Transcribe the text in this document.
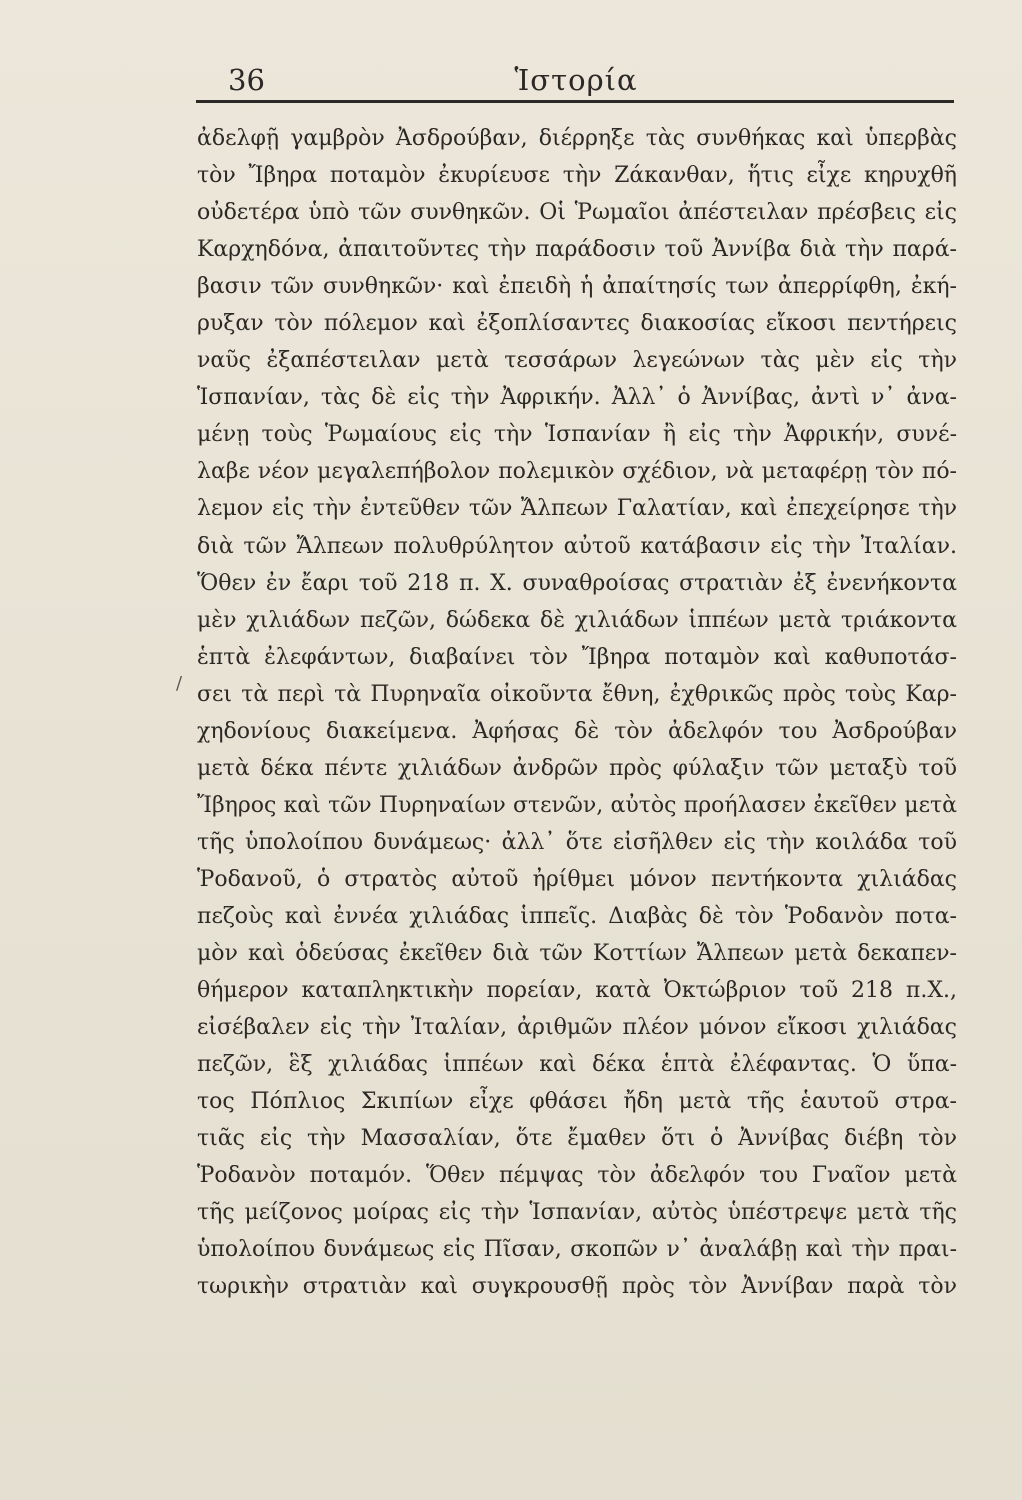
36	Ἱστορία
/
ἀδελφῇ γαμβρὸν Ἀσδρούβαν, διέρρηξε τὰς συνθήκας καὶ ὑπερβὰς
τὸν Ἴβηρα ποταμὸν ἐκυρίευσε τὴν Ζάκανθαν, ἥτις εἶχε κηρυχθῆ
οὐδετέρα ὑπὸ τῶν συνθηκῶν. Οἱ Ῥωμαῖοι ἀπέστειλαν πρέσβεις εἰς
Καρχηδόνα, ἀπαιτοῦντες τὴν παράδοσιν τοῦ Ἀννίβα διὰ τὴν παρά-
βασιν τῶν συνθηκῶν· καὶ ἐπειδὴ ἡ ἀπαίτησίς των ἀπερρίφθη, ἐκή-
ρυξαν τὸν πόλεμον καὶ ἐξοπλίσαντες διακοσίας εἴκοσι πεντήρεις
ναῦς ἐξαπέστειλαν μετὰ τεσσάρων λεγεώνων τὰς μὲν εἰς τὴν
Ἱσπανίαν, τὰς δὲ εἰς τὴν Ἀφρικήν. Ἀλλ᾽ ὁ Ἀννίβας, ἀντὶ ν᾽ ἀνα-
μένῃ τοὺς Ῥωμαίους εἰς τὴν Ἱσπανίαν ἢ εἰς τὴν Ἀφρικήν, συνέ-
λαβε νέον μεγαλεπήβολον πολεμικὸν σχέδιον, νὰ μεταφέρῃ τὸν πό-
λεμον εἰς τὴν ἐντεῦθεν τῶν Ἄλπεων Γαλατίαν, καὶ ἐπεχείρησε τὴν
διὰ τῶν Ἄλπεων πολυθρύλητον αὐτοῦ κατάβασιν εἰς τὴν Ἰταλίαν.
Ὅθεν ἐν ἔαρι τοῦ 218 π. Χ. συναθροίσας στρατιὰν ἐξ ἐνενήκοντα
μὲν χιλιάδων πεζῶν, δώδεκα δὲ χιλιάδων ἱππέων μετὰ τριάκοντα
ἑπτὰ ἐλεφάντων, διαβαίνει τὸν Ἴβηρα ποταμὸν καὶ καθυποτάσ-
σει τὰ περὶ τὰ Πυρηναῖα οἰκοῦντα ἔθνη, ἐχθρικῶς πρὸς τοὺς Καρ-
χηδονίους διακείμενα. Ἀφήσας δὲ τὸν ἀδελφόν του Ἀσδρούβαν
μετὰ δέκα πέντε χιλιάδων ἀνδρῶν πρὸς φύλαξιν τῶν μεταξὺ τοῦ
Ἴβηρος καὶ τῶν Πυρηναίων στενῶν, αὐτὸς προήλασεν ἐκεῖθεν μετὰ
τῆς ὑπολοίπου δυνάμεως· ἀλλ᾽ ὅτε εἰσῆλθεν εἰς τὴν κοιλάδα τοῦ
Ῥοδανοῦ, ὁ στρατὸς αὐτοῦ ἠρίθμει μόνον πεντήκοντα χιλιάδας
πεζοὺς καὶ ἐννέα χιλιάδας ἱππεῖς. Διαβὰς δὲ τὸν Ῥοδανὸν ποτα-
μὸν καὶ ὁδεύσας ἐκεῖθεν διὰ τῶν Κοττίων Ἄλπεων μετὰ δεκαπεν-
θήμερον καταπληκτικὴν πορείαν, κατὰ Ὀκτώβριον τοῦ 218 π.Χ.,
εἰσέβαλεν εἰς τὴν Ἰταλίαν, ἀριθμῶν πλέον μόνον εἴκοσι χιλιάδας
πεζῶν, ἓξ χιλιάδας ἱππέων καὶ δέκα ἑπτὰ ἐλέφαντας. Ὁ ὕπα-
τος Πόπλιος Σκιπίων εἶχε φθάσει ἤδη μετὰ τῆς ἑαυτοῦ στρα-
τιᾶς εἰς τὴν Μασσαλίαν, ὅτε ἔμαθεν ὅτι ὁ Ἀννίβας διέβη τὸν
Ῥοδανὸν ποταμόν. Ὅθεν πέμψας τὸν ἀδελφόν του Γναῖον μετὰ
τῆς μείζονος μοίρας εἰς τὴν Ἱσπανίαν, αὐτὸς ὑπέστρεψε μετὰ τῆς
ὑπολοίπου δυνάμεως εἰς Πῖσαν, σκοπῶν ν᾽ ἀναλάβῃ καὶ τὴν πραι-
τωρικὴν στρατιὰν καὶ συγκρουσθῇ πρὸς τὸν Ἀννίβαν παρὰ τὸν
